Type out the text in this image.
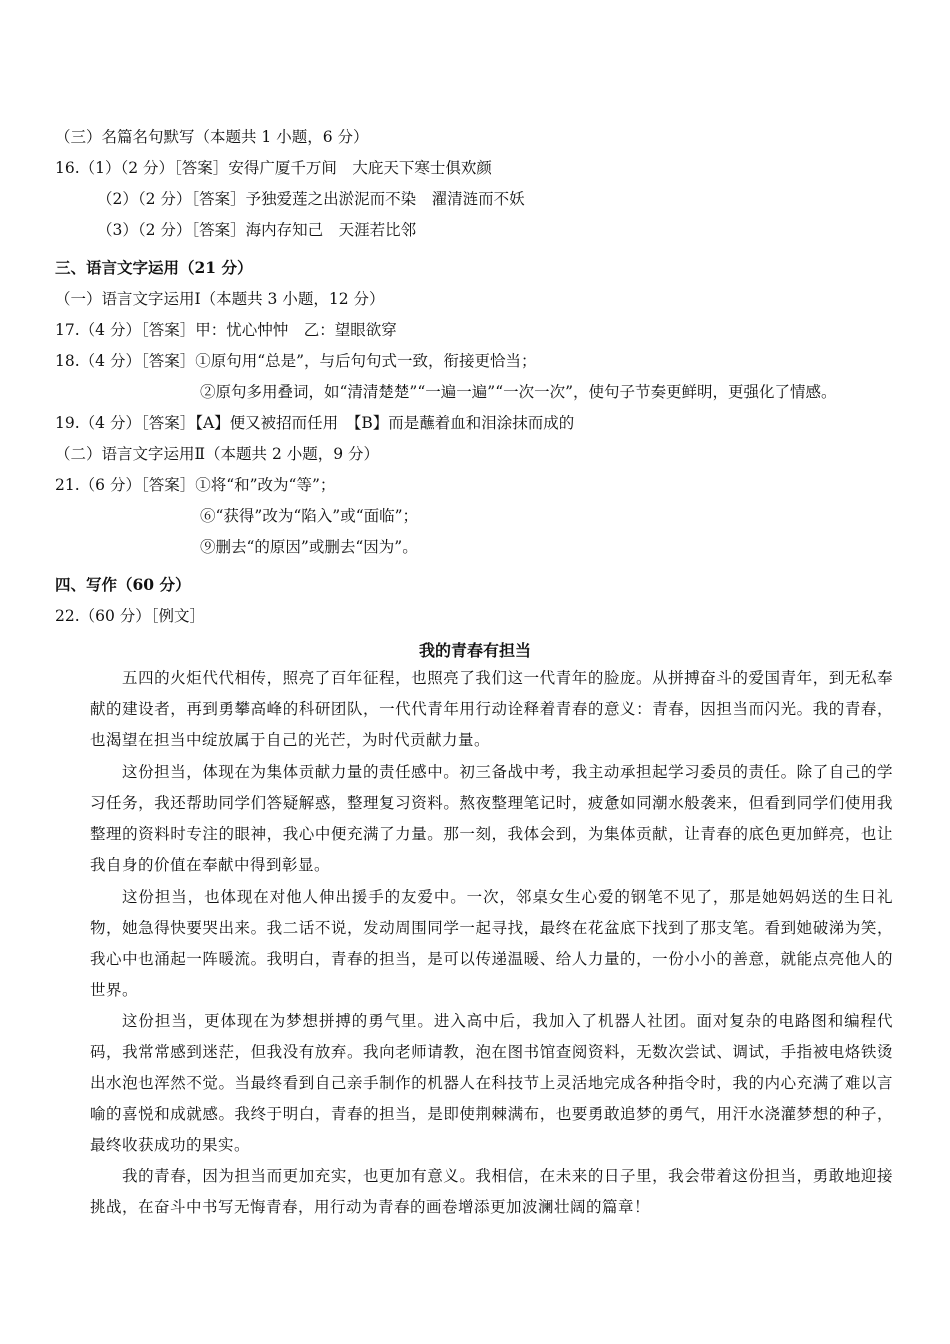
（三）名篇名句默写（本题共 1 小题，6 分）
16.（1）（2 分）［答案］安得广厦千万间　大庇天下寒士俱欢颜
（2）（2 分）［答案］予独爱莲之出淤泥而不染　濯清涟而不妖
（3）（2 分）［答案］海内存知己　天涯若比邻
三、语言文字运用（21 分）
（一）语言文字运用Ⅰ（本题共 3 小题，12 分）
17.（4 分）［答案］甲：忧心忡忡　乙：望眼欲穿
18.（4 分）［答案］①原句用“总是”，与后句句式一致，衔接更恰当；
②原句多用叠词，如“清清楚楚”“一遍一遍”“一次一次”，使句子节奏更鲜明，更强化了情感。
19.（4 分）［答案］【A】便又被招而任用　【B】而是蘸着血和泪涂抹而成的
（二）语言文字运用Ⅱ（本题共 2 小题，9 分）
21.（6 分）［答案］①将“和”改为“等”；
⑥“获得”改为“陷入”或“面临”；
⑨删去“的原因”或删去“因为”。
四、写作（60 分）
22.（60 分）［例文］
我的青春有担当

五四的火炬代代相传，照亮了百年征程，也照亮了我们这一代青年的脸庞。从拼搏奋斗的爱国青年，到无私奉献的建设者，再到勇攀高峰的科研团队，一代代青年用行动诠释着青春的意义：青春，因担当而闪光。我的青春，也渴望在担当中绽放属于自己的光芒，为时代贡献力量。

这份担当，体现在为集体贡献力量的责任感中。初三备战中考，我主动承担起学习委员的责任。除了自己的学习任务，我还帮助同学们答疑解惑，整理复习资料。熬夜整理笔记时，疲惫如同潮水般袭来，但看到同学们使用我整理的资料时专注的眼神，我心中便充满了力量。那一刻，我体会到，为集体贡献，让青春的底色更加鲜亮，也让我自身的价值在奉献中得到彰显。

这份担当，也体现在对他人伸出援手的友爱中。一次，邻桌女生心爱的钢笔不见了，那是她妈妈送的生日礼物，她急得快要哭出来。我二话不说，发动周围同学一起寻找，最终在花盆底下找到了那支笔。看到她破涕为笑，我心中也涌起一阵暖流。我明白，青春的担当，是可以传递温暖、给人力量的，一份小小的善意，就能点亮他人的世界。

这份担当，更体现在为梦想拼搏的勇气里。进入高中后，我加入了机器人社团。面对复杂的电路图和编程代码，我常常感到迷茫，但我没有放弃。我向老师请教，泡在图书馆查阅资料，无数次尝试、调试，手指被电烙铁烫出水泡也浑然不觉。当最终看到自己亲手制作的机器人在科技节上灵活地完成各种指令时，我的内心充满了难以言喻的喜悦和成就感。我终于明白，青春的担当，是即使荆棘满布，也要勇敢追梦的勇气，用汗水浇灌梦想的种子，最终收获成功的果实。

我的青春，因为担当而更加充实，也更加有意义。我相信，在未来的日子里，我会带着这份担当，勇敢地迎接挑战，在奋斗中书写无悔青春，用行动为青春的画卷增添更加波澜壮阔的篇章！
